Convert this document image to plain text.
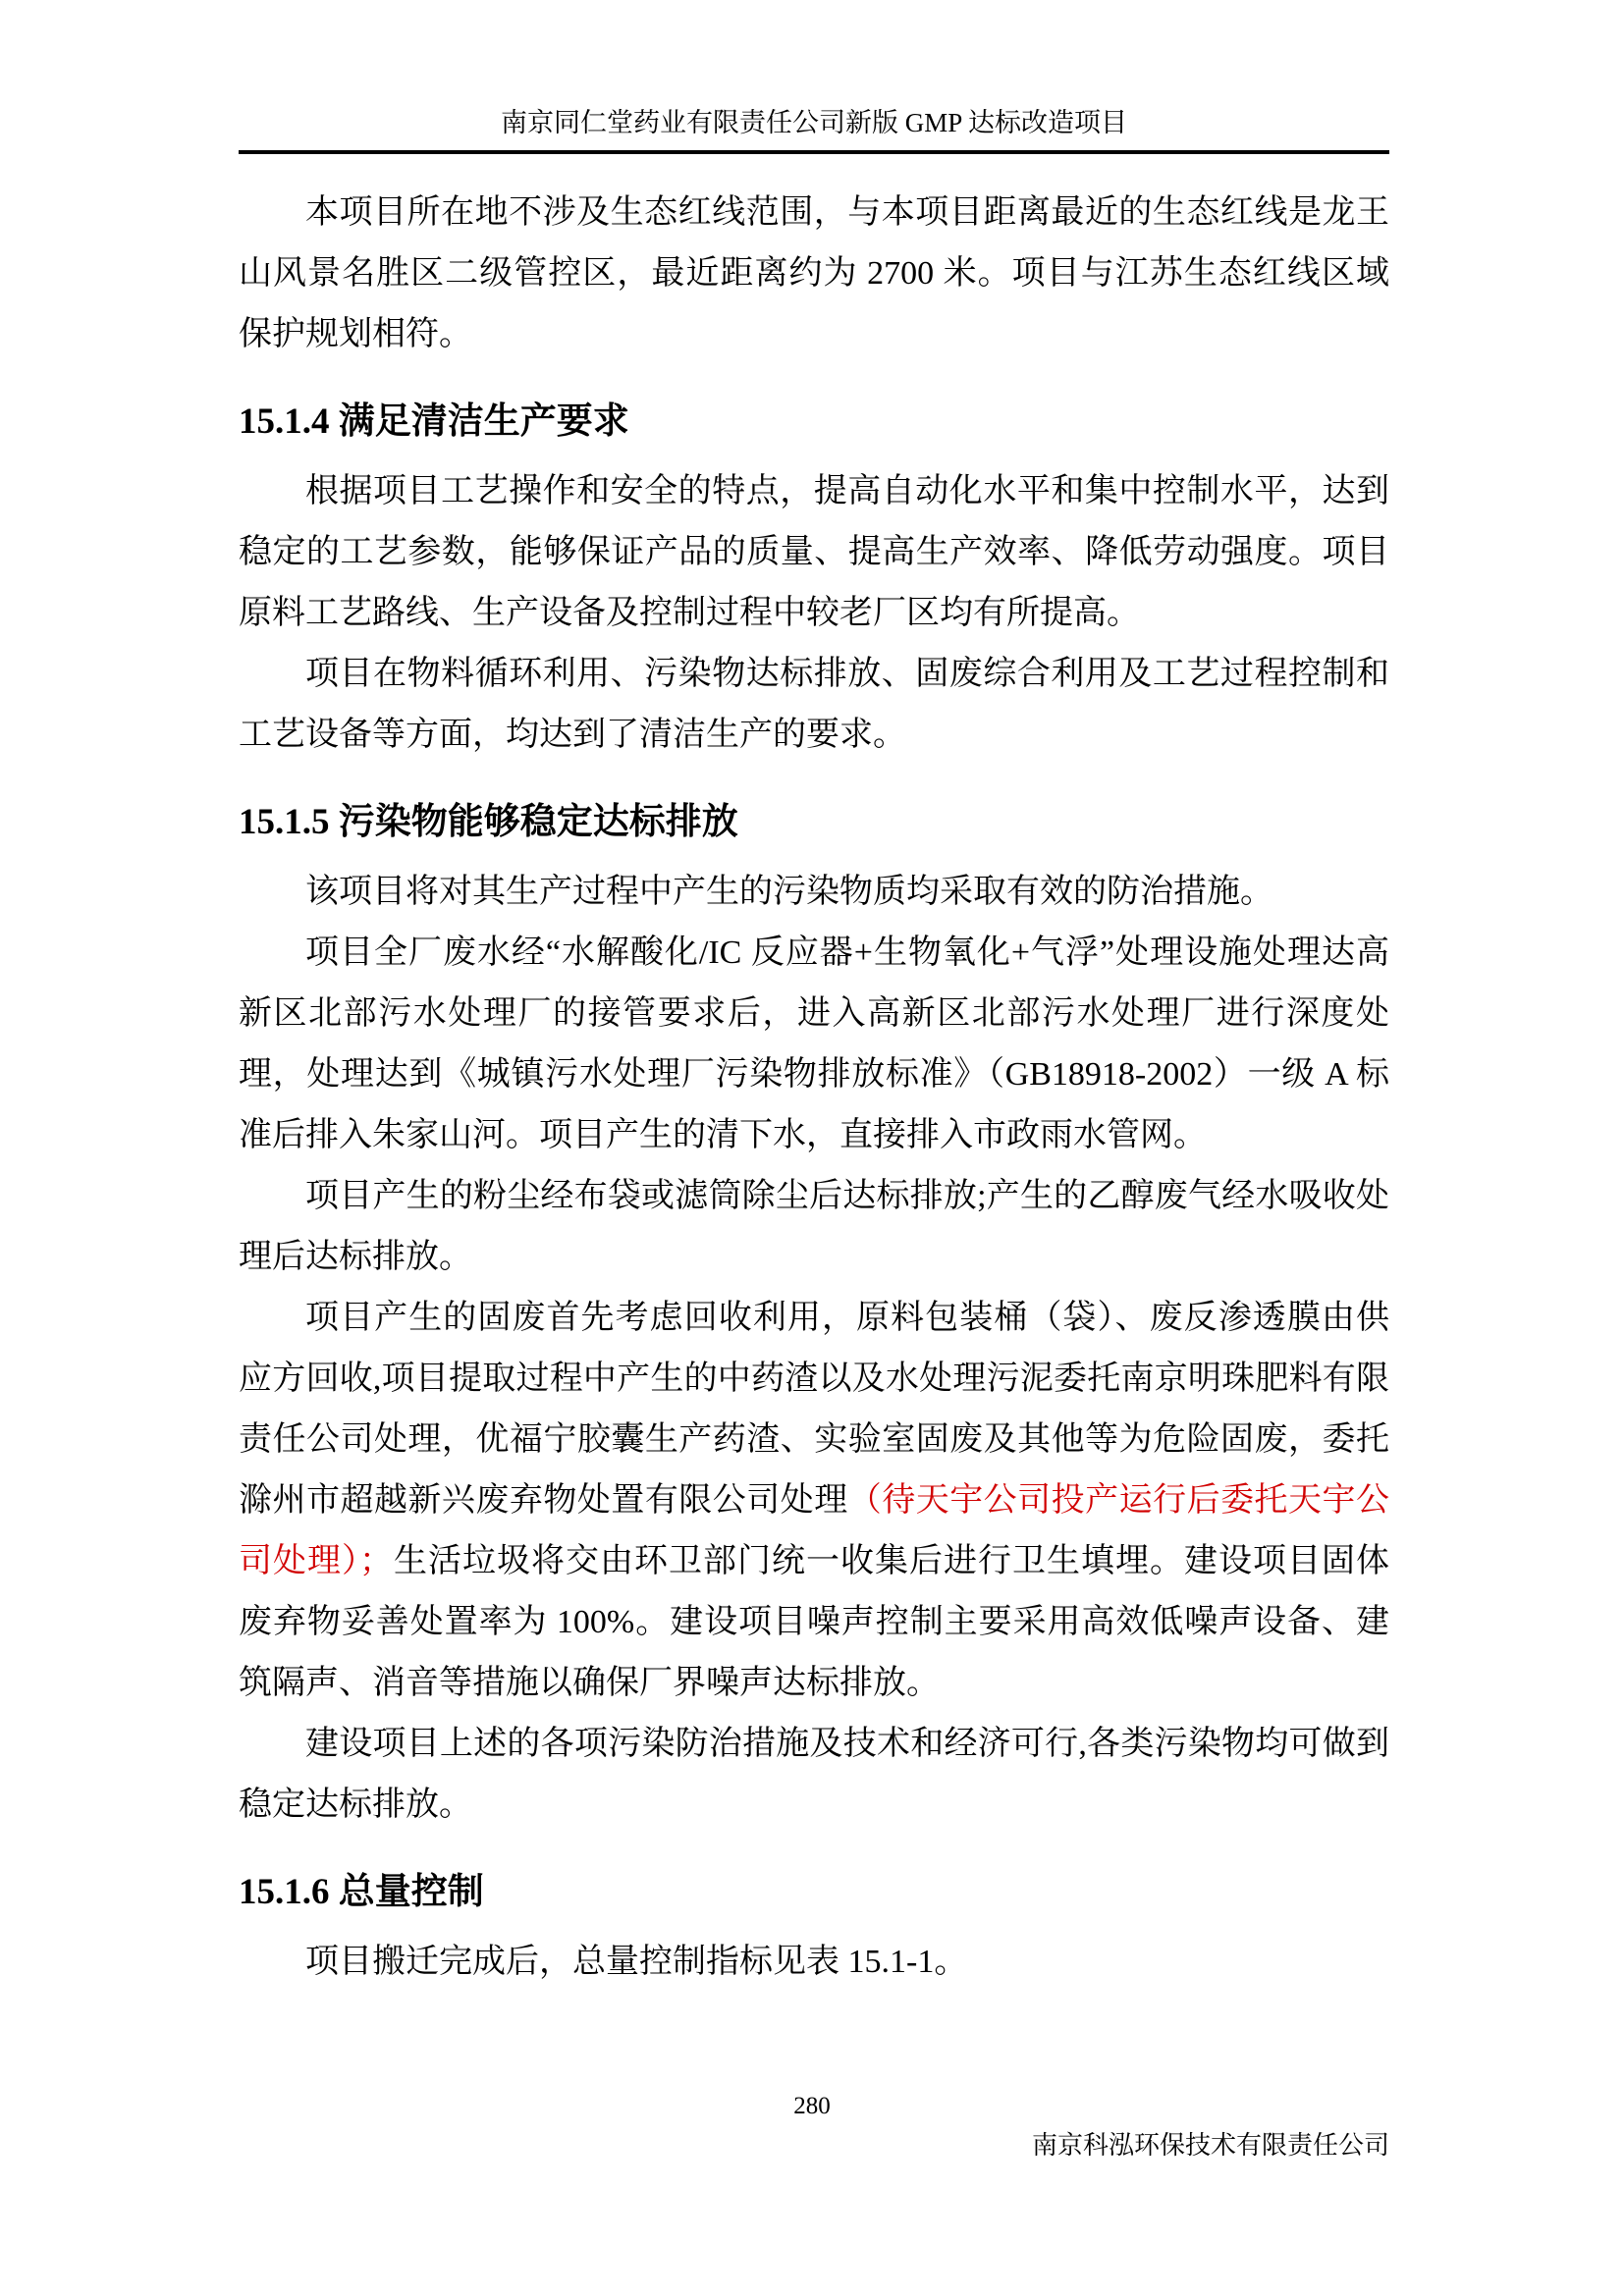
南京同仁堂药业有限责任公司新版 GMP 达标改造项目

本项目所在地不涉及生态红线范围，与本项目距离最近的生态红线是龙王山风景名胜区二级管控区，最近距离约为 2700 米。项目与江苏生态红线区域保护规划相符。

15.1.4 满足清洁生产要求

根据项目工艺操作和安全的特点，提高自动化水平和集中控制水平，达到稳定的工艺参数，能够保证产品的质量、提高生产效率、降低劳动强度。项目原料工艺路线、生产设备及控制过程中较老厂区均有所提高。

项目在物料循环利用、污染物达标排放、固废综合利用及工艺过程控制和工艺设备等方面，均达到了清洁生产的要求。

15.1.5 污染物能够稳定达标排放

该项目将对其生产过程中产生的污染物质均采取有效的防治措施。

项目全厂废水经“水解酸化/IC 反应器+生物氧化+气浮”处理设施处理达高新区北部污水处理厂的接管要求后，进入高新区北部污水处理厂进行深度处理，处理达到《城镇污水处理厂污染物排放标准》（GB18918-2002）一级 A 标准后排入朱家山河。项目产生的清下水，直接排入市政雨水管网。

项目产生的粉尘经布袋或滤筒除尘后达标排放;产生的乙醇废气经水吸收处理后达标排放。

项目产生的固废首先考虑回收利用，原料包装桶（袋）、废反渗透膜由供应方回收,项目提取过程中产生的中药渣以及水处理污泥委托南京明珠肥料有限责任公司处理，优福宁胶囊生产药渣、实验室固废及其他等为危险固废，委托滁州市超越新兴废弃物处置有限公司处理（待天宇公司投产运行后委托天宇公司处理）；生活垃圾将交由环卫部门统一收集后进行卫生填埋。建设项目固体废弃物妥善处置率为 100%。建设项目噪声控制主要采用高效低噪声设备、建筑隔声、消音等措施以确保厂界噪声达标排放。

建设项目上述的各项污染防治措施及技术和经济可行,各类污染物均可做到稳定达标排放。

15.1.6 总量控制

项目搬迁完成后，总量控制指标见表 15.1-1。

280
南京科泓环保技术有限责任公司
